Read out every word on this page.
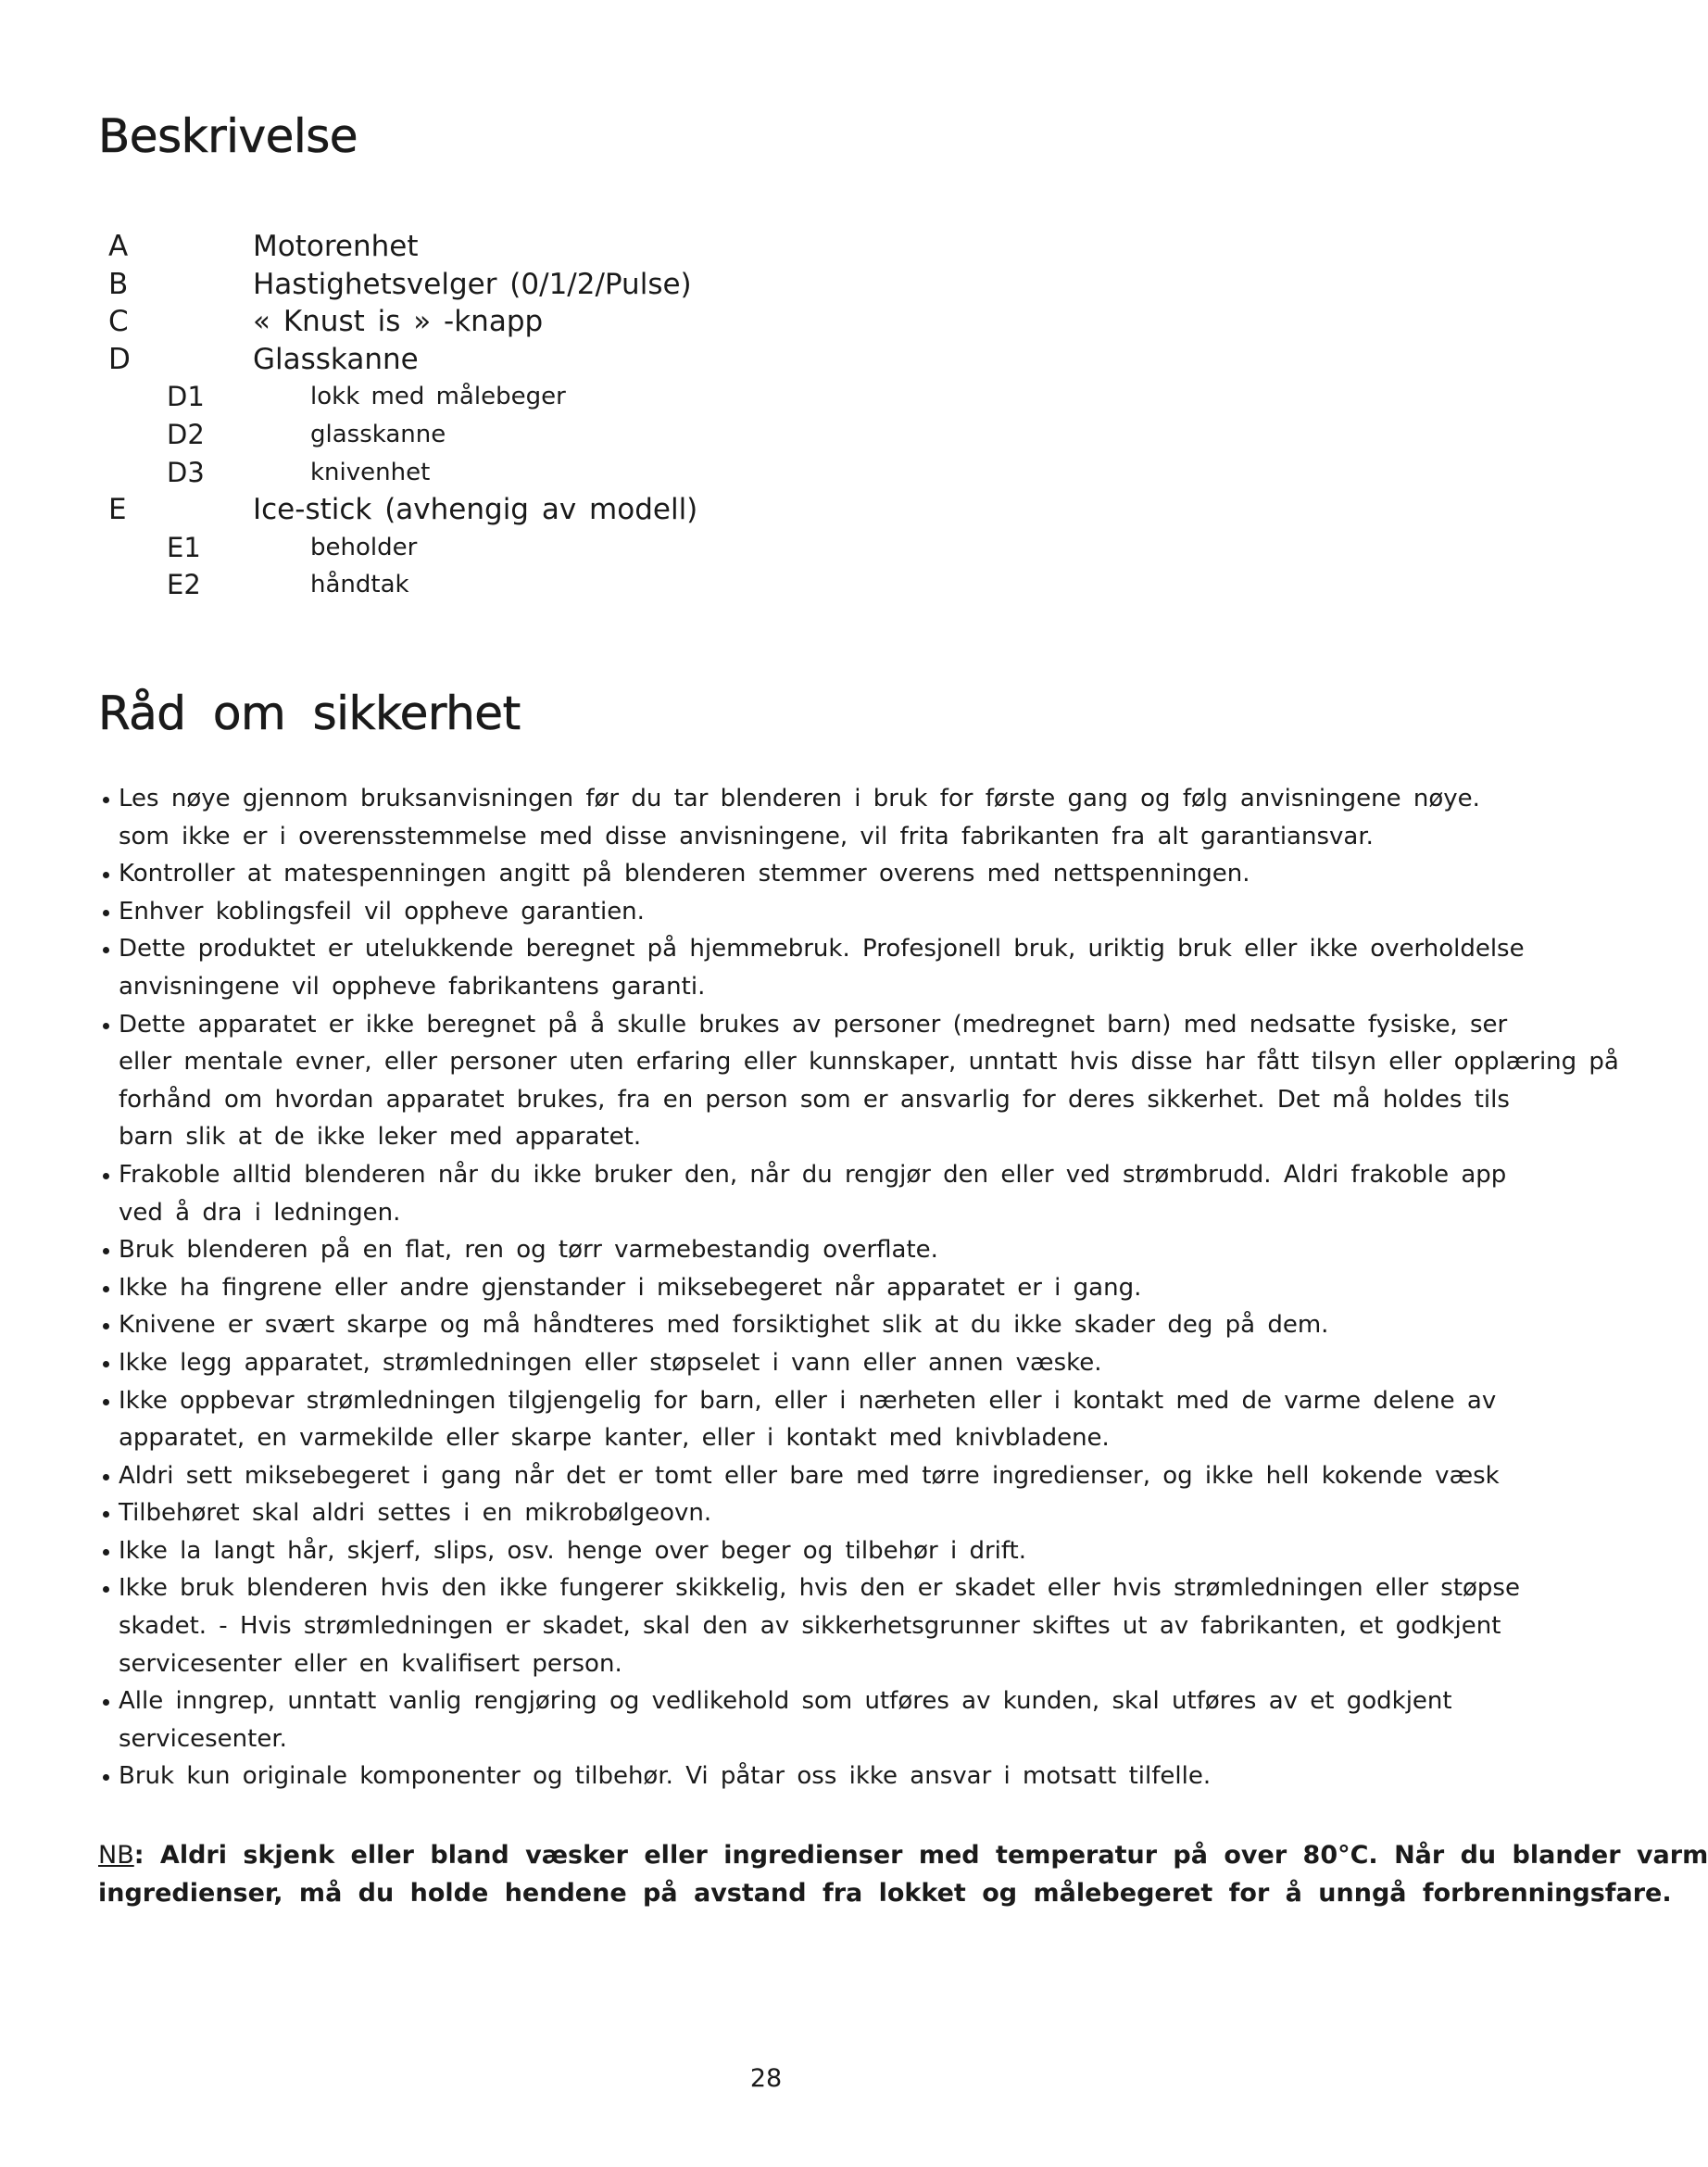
Beskrivelse
A	Motorenhet
B	Hastighetsvelger (0/1/2/Pulse)
C	« Knust is » -knapp
D	Glasskanne
D1	lokk med målebeger
D2	glasskanne
D3	knivenhet
E	Ice-stick (avhengig av modell)
E1	beholder
E2	håndtak
Råd om sikkerhet
Les nøye gjennom bruksanvisningen før du tar blenderen i bruk for første gang og følg anvisningene nøye.
som ikke er i overensstemmelse med disse anvisningene, vil frita fabrikanten fra alt garantiansvar.
Kontroller at matespenningen angitt på blenderen stemmer overens med nettspenningen.
Enhver koblingsfeil vil oppheve garantien.
Dette produktet er utelukkende beregnet på hjemmebruk. Profesjonell bruk, uriktig bruk eller ikke overholdelse
anvisningene vil oppheve fabrikantens garanti.
Dette apparatet er ikke beregnet på å skulle brukes av personer (medregnet barn) med nedsatte fysiske, ser
eller mentale evner, eller personer uten erfaring eller kunnskaper, unntatt hvis disse har fått tilsyn eller opplæring på
forhånd om hvordan apparatet brukes, fra en person som er ansvarlig for deres sikkerhet. Det må holdes tils
barn slik at de ikke leker med apparatet.
Frakoble alltid blenderen når du ikke bruker den, når du rengjør den eller ved strømbrudd. Aldri frakoble app
ved å dra i ledningen.
Bruk blenderen på en flat, ren og tørr varmebestandig overflate.
Ikke ha fingrene eller andre gjenstander i miksebegeret når apparatet er i gang.
Knivene er svært skarpe og må håndteres med forsiktighet slik at du ikke skader deg på dem.
Ikke legg apparatet, strømledningen eller støpselet i vann eller annen væske.
Ikke oppbevar strømledningen tilgjengelig for barn, eller i nærheten eller i kontakt med de varme delene av
apparatet, en varmekilde eller skarpe kanter, eller i kontakt med knivbladene.
Aldri sett miksebegeret i gang når det er tomt eller bare med tørre ingredienser, og ikke hell kokende væsk
Tilbehøret skal aldri settes i en mikrobølgeovn.
Ikke la langt hår, skjerf, slips, osv. henge over beger og tilbehør i drift.
Ikke bruk blenderen hvis den ikke fungerer skikkelig, hvis den er skadet eller hvis strømledningen eller støpse
skadet. - Hvis strømledningen er skadet, skal den av sikkerhetsgrunner skiftes ut av fabrikanten, et godkjent
servicesenter eller en kvalifisert person.
Alle inngrep, unntatt vanlig rengjøring og vedlikehold som utføres av kunden, skal utføres av et godkjent
servicesenter.
Bruk kun originale komponenter og tilbehør. Vi påtar oss ikke ansvar i motsatt tilfelle.
NB: Aldri skjenk eller bland væsker eller ingredienser med temperatur på over 80°C. Når du blander varm
ingredienser, må du holde hendene på avstand fra lokket og målebegeret for å unngå forbrenningsfare.
28
